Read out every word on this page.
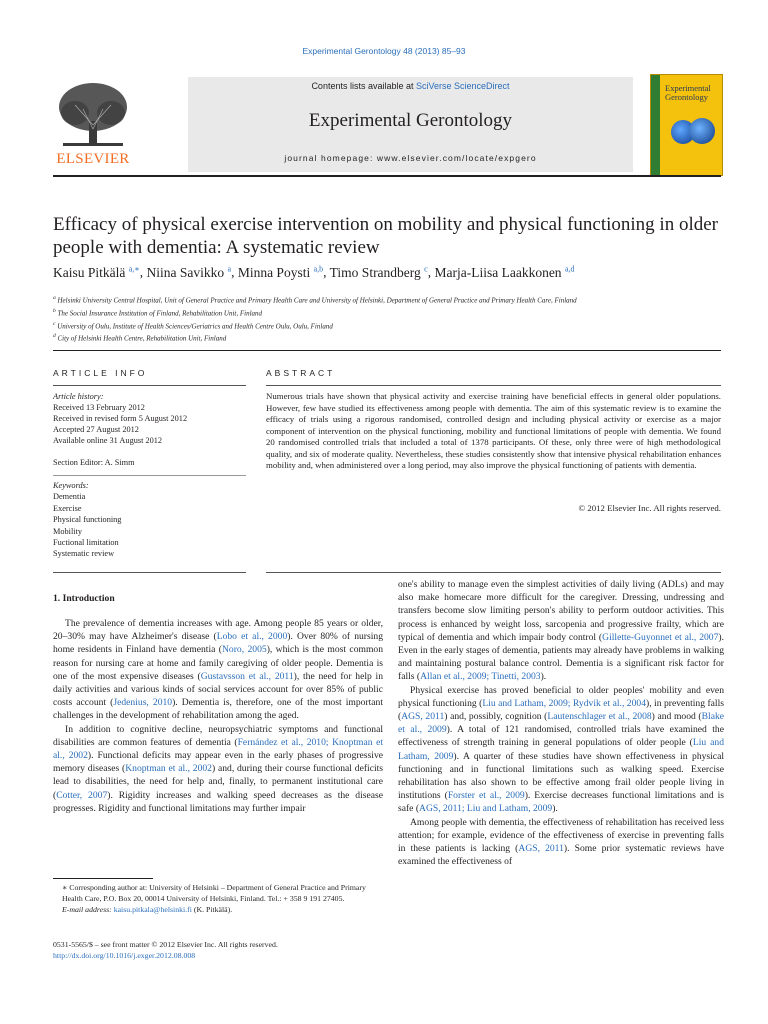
Experimental Gerontology 48 (2013) 85–93
ELSEVIER
Contents lists available at SciVerse ScienceDirect
Experimental Gerontology
journal homepage: www.elsevier.com/locate/expgero
Experimental
Gerontology
Efficacy of physical exercise intervention on mobility and physical functioning in older people with dementia: A systematic review
Kaisu Pitkälä $^{a,∗}$, Niina Savikko $^a$, Minna Poysti $^{a,b}$, Timo Strandberg $^c$, Marja-Liisa Laakkonen $^{a,d}$
$^a$ Helsinki University Central Hospital, Unit of General Practice and Primary Health Care and University of Helsinki, Department of General Practice and Primary Health Care, Finland
$^b$ The Social Insurance Institution of Finland, Rehabilitation Unit, Finland
$^c$ University of Oulu, Institute of Health Sciences/Geriatrics and Health Centre Oulu, Oulu, Finland
$^d$ City of Helsinki Health Centre, Rehabilitation Unit, Finland
ARTICLE INFO	ABSTRACT
Article history:
Received 13 February 2012
Received in revised form 5 August 2012
Accepted 27 August 2012
Available online 31 August 2012
Section Editor: A. Simm
Keywords:
Dementia
Exercise
Physical functioning
Mobility
Fuctional limitation
Systematic review
Numerous trials have shown that physical activity and exercise training have beneficial effects in general older populations. However, few have studied its effectiveness among people with dementia. The aim of this systematic review is to examine the efficacy of trials using a rigorous randomised, controlled design and including physical activity or exercise as a major component of intervention on the physical functioning, mobility and functional limitations of people with dementia. We found 20 randomised controlled trials that included a total of 1378 participants. Of these, only three were of high methodological quality, and six of moderate quality. Nevertheless, these studies consistently show that intensive physical rehabilitation enhances mobility and, when administered over a long period, may also improve the physical functioning of patients with dementia.
© 2012 Elsevier Inc. All rights reserved.
1. Introduction

The prevalence of dementia increases with age. Among people 85 years or older, 20–30% may have Alzheimer's disease (Lobo et al., 2000). Over 80% of nursing home residents in Finland have dementia (Noro, 2005), which is the most common reason for nursing care at home and family caregiving of older people. Dementia is one of the most expensive diseases (Gustavsson et al., 2011), the need for help in daily activities and various kinds of social services account for over 85% of public costs account (Jedenius, 2010). Dementia is, therefore, one of the most important challenges in the development of rehabilitation among the aged.

In addition to cognitive decline, neuropsychiatric symptoms and functional disabilities are common features of dementia (Fernández et al., 2010; Knoptman et al., 2002). Functional deficits may appear even in the early phases of progressive memory diseases (Knoptman et al., 2002) and, during their course functional deficits lead to disabilities, the need for help and, finally, to permanent institutional care (Cotter, 2007). Rigidity increases and walking speed decreases as the disease progresses. Rigidity and functional limitations may further impair

one's ability to manage even the simplest activities of daily living (ADLs) and may also make homecare more difficult for the caregiver. Dressing, undressing and transfers become slow limiting person's ability to perform outdoor activities. This process is enhanced by weight loss, sarcopenia and progressive frailty, which are typical of dementia and which impair body control (Gillette-Guyonnet et al., 2007). Even in the early stages of dementia, patients may already have problems in walking and maintaining postural balance control. Dementia is a significant risk factor for falls (Allan et al., 2009; Tinetti, 2003).

Physical exercise has proved beneficial to older peoples' mobility and even physical functioning (Liu and Latham, 2009; Rydvik et al., 2004), in preventing falls (AGS, 2011) and, possibly, cognition (Lautenschlager et al., 2008) and mood (Blake et al., 2009). A total of 121 randomised, controlled trials have examined the effectiveness of strength training in general populations of older people (Liu and Latham, 2009). A quarter of these studies have shown effectiveness in physical functioning and in functional limitations such as walking speed. Exercise rehabilitation has also shown to be effective among frail older people living in institutions (Forster et al., 2009). Exercise decreases functional limitations and is safe (AGS, 2011; Liu and Latham, 2009).

Among people with dementia, the effectiveness of rehabilitation has received less attention; for example, evidence of the effectiveness of exercise in preventing falls in these patients is lacking (AGS, 2011). Some prior systematic reviews have examined the effectiveness of

∗ Corresponding author at: University of Helsinki – Department of General Practice and Primary Health Care, P.O. Box 20, 00014 University of Helsinki, Finland. Tel.: + 358 9 191 27405.
E-mail address: kaisu.pitkala@helsinki.fi (K. Pitkälä).
0531-5565/$ – see front matter © 2012 Elsevier Inc. All rights reserved.
http://dx.doi.org/10.1016/j.exger.2012.08.008
